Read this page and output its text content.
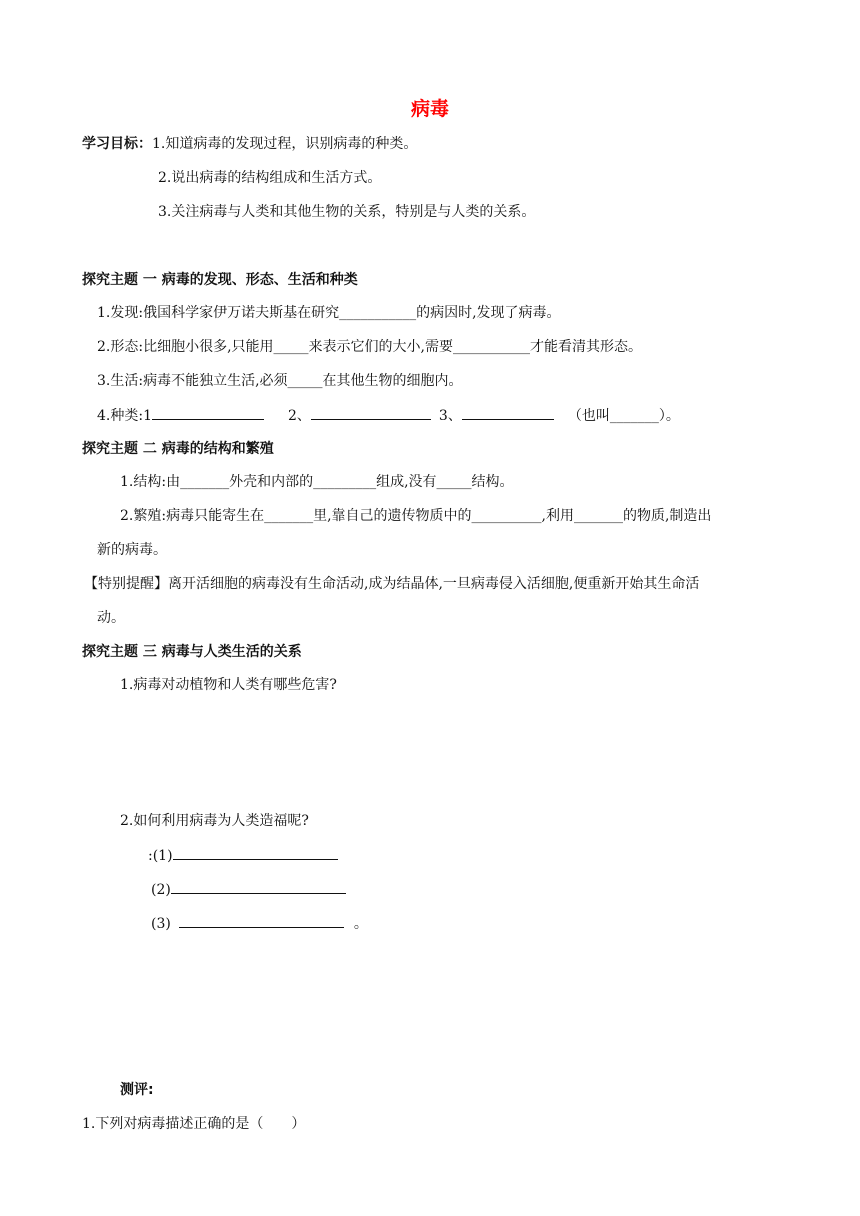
病毒
学习目标：1.知道病毒的发现过程，识别病毒的种类。
2.说出病毒的结构组成和生活方式。
3.关注病毒与人类和其他生物的关系，特别是与人类的关系。
探究主题 一 病毒的发现、形态、生活和种类
1.发现:俄国科学家伊万诺夫斯基在研究___________的病因时,发现了病毒。
2.形态:比细胞小很多,只能用_____来表示它们的大小,需要___________才能看清其形态。
3.生活:病毒不能独立生活,必须_____在其他生物的细胞内。
4.种类:1	2、	3、	（也叫_______）。
探究主题 二 病毒的结构和繁殖
1.结构:由_______外壳和内部的_________组成,没有_____结构。
2.繁殖:病毒只能寄生在_______里,靠自己的遗传物质中的__________,利用_______的物质,制造出
新的病毒。
【特别提醒】离开活细胞的病毒没有生命活动,成为结晶体,一旦病毒侵入活细胞,便重新开始其生命活
动。
探究主题 三 病毒与人类生活的关系
1.病毒对动植物和人类有哪些危害?
2.如何利用病毒为人类造福呢?
:(1)
(2)
(3)	。
测评:
1.下列对病毒描述正确的是（　　）
